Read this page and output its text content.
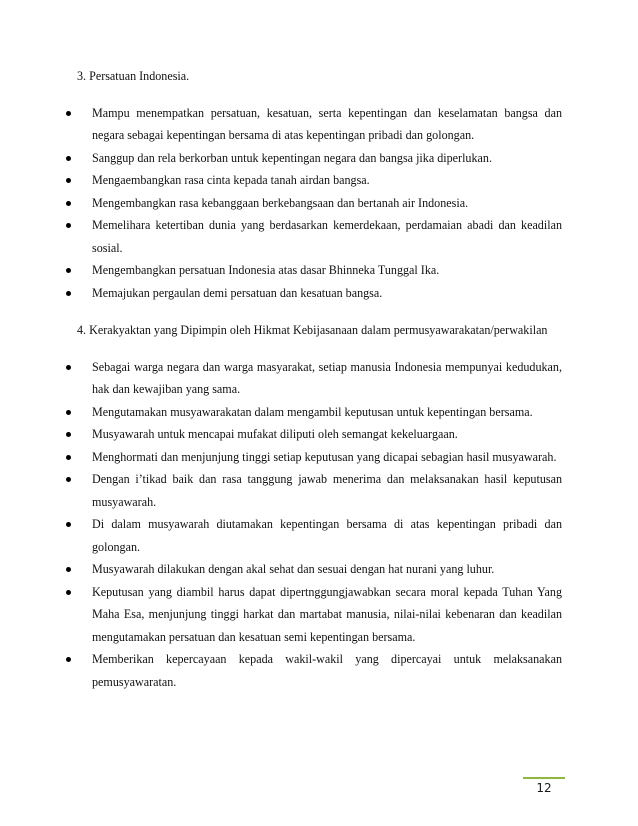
3. Persatuan Indonesia.

Mampu menempatkan persatuan, kesatuan, serta kepentingan dan keselamatan bangsa dan negara sebagai kepentingan bersama di atas kepentingan pribadi dan golongan.
Sanggup dan rela berkorban untuk kepentingan negara dan bangsa jika diperlukan.
Mengaembangkan rasa cinta kepada tanah airdan bangsa.
Mengembangkan rasa kebanggaan berkebangsaan dan bertanah air Indonesia.
Memelihara ketertiban dunia yang berdasarkan kemerdekaan, perdamaian abadi dan keadilan sosial.
Mengembangkan persatuan Indonesia atas dasar Bhinneka Tunggal Ika.
Memajukan pergaulan demi persatuan dan kesatuan bangsa.

4. Kerakyaktan yang Dipimpin oleh Hikmat Kebijasanaan dalam permusyawarakatan/perwakilan

Sebagai warga negara dan warga masyarakat, setiap manusia Indonesia mempunyai kedudukan, hak dan kewajiban yang sama.
Mengutamakan musyawarakatan dalam mengambil keputusan untuk kepentingan bersama.
Musyawarah untuk mencapai mufakat diliputi oleh semangat kekeluargaan.
Menghormati dan menjunjung tinggi setiap keputusan yang dicapai sebagian hasil musyawarah.
Dengan i’tikad baik dan rasa tanggung jawab menerima dan melaksanakan hasil keputusan musyawarah.
Di dalam musyawarah diutamakan kepentingan bersama di atas kepentingan pribadi dan golongan.
Musyawarah dilakukan dengan akal sehat dan sesuai dengan hat nurani yang luhur.
Keputusan yang diambil harus dapat dipertnggungjawabkan secara moral kepada Tuhan Yang Maha Esa, menjunjung tinggi harkat dan martabat manusia, nilai-nilai kebenaran dan keadilan mengutamakan persatuan dan kesatuan semi kepentingan bersama.
Memberikan kepercayaan kepada wakil-wakil yang dipercayai untuk melaksanakan pemusyawaratan.
12
